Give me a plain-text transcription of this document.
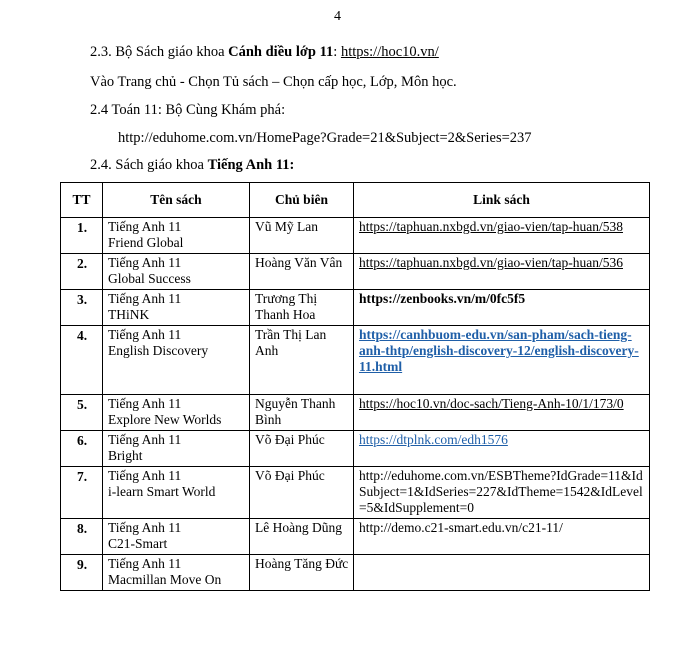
4
2.3. Bộ Sách giáo khoa Cánh diều lớp 11: https://hoc10.vn/
Vào Trang chủ - Chọn Tủ sách – Chọn cấp học, Lớp, Môn học.
2.4 Toán 11: Bộ Cùng Khám phá:
http://eduhome.com.vn/HomePage?Grade=21&Subject=2&Series=237
2.4. Sách giáo khoa Tiếng Anh 11:
TT	Tên sách	Chủ biên	Link sách
1.	Tiếng Anh 11
Friend Global	Vũ Mỹ Lan	https://taphuan.nxbgd.vn/giao-vien/tap-huan/538
2.	Tiếng Anh 11
Global Success	Hoàng Văn Vân	https://taphuan.nxbgd.vn/giao-vien/tap-huan/536
3.	Tiếng Anh 11
THiNK	Trương Thị Thanh Hoa	https://zenbooks.vn/m/0fc5f5
4.	Tiếng Anh 11
English Discovery	Trần Thị Lan Anh	https://canhbuom-edu.vn/san-pham/sach-tieng-anh-thtp/english-discovery-12/english-discovery-11.html
5.	Tiếng Anh 11
Explore New Worlds	Nguyễn Thanh Bình	https://hoc10.vn/doc-sach/Tieng-Anh-10/1/173/0
6.	Tiếng Anh 11
Bright	Võ Đại Phúc	https://dtplnk.com/edh1576
7.	Tiếng Anh 11
i-learn Smart World	Võ Đại Phúc	http://eduhome.com.vn/ESBTheme?IdGrade=11&IdSubject=1&IdSeries=227&IdTheme=1542&IdLevel=5&IdSupplement=0
8.	Tiếng Anh 11
C21-Smart	Lê Hoàng Dũng	http://demo.c21-smart.edu.vn/c21-11/
9.	Tiếng Anh 11
Macmillan Move On	Hoàng Tăng Đức	
